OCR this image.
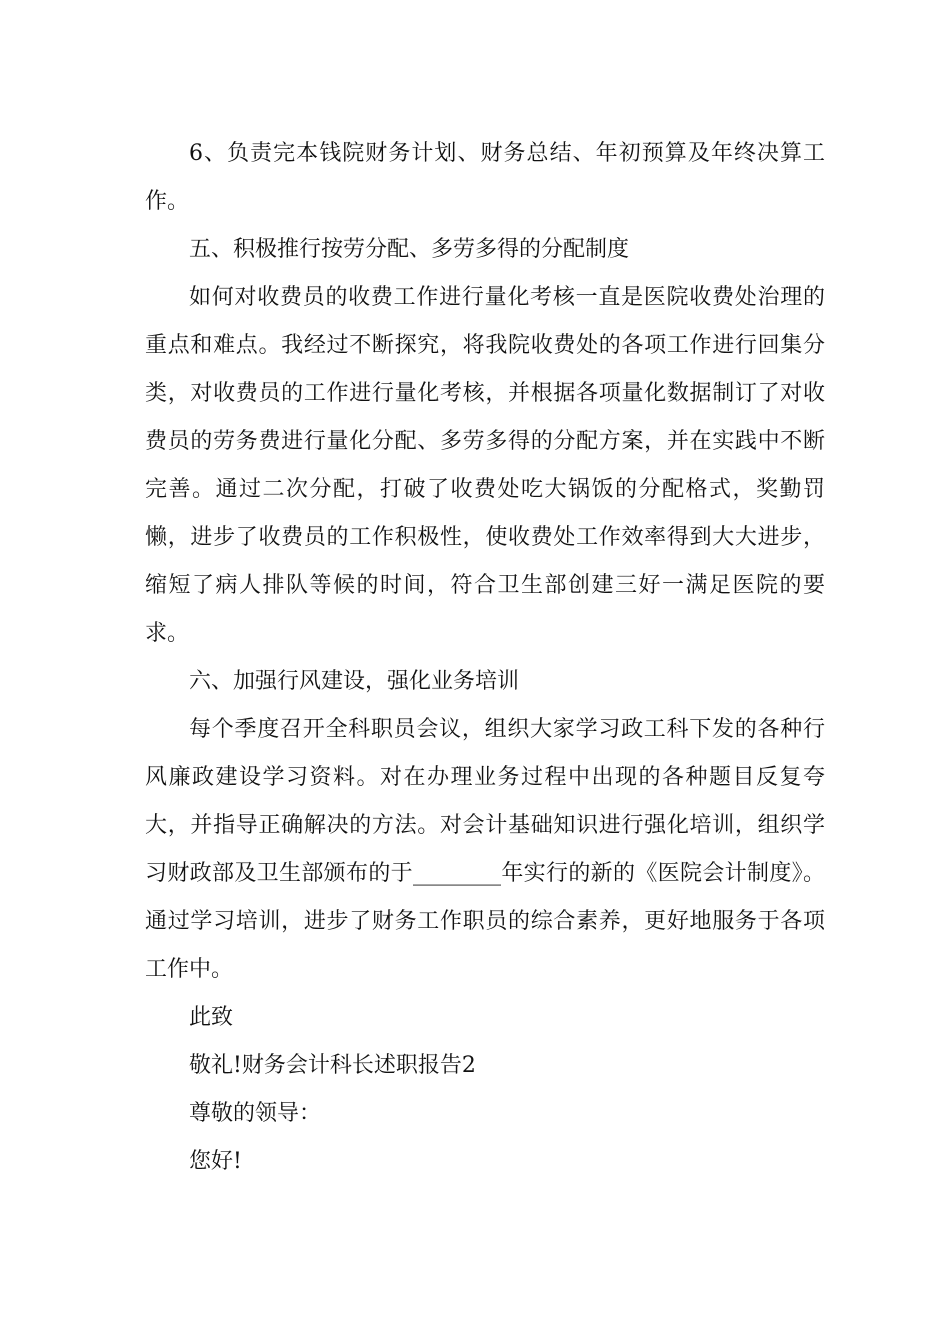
6、负责完本钱院财务计划、财务总结、年初预算及年终决算工作。

五、积极推行按劳分配、多劳多得的分配制度

如何对收费员的收费工作进行量化考核一直是医院收费处治理的重点和难点。我经过不断探究，将我院收费处的各项工作进行回集分类，对收费员的工作进行量化考核，并根据各项量化数据制订了对收费员的劳务费进行量化分配、多劳多得的分配方案，并在实践中不断完善。通过二次分配，打破了收费处吃大锅饭的分配格式，奖勤罚懒，进步了收费员的工作积极性，使收费处工作效率得到大大进步，缩短了病人排队等候的时间，符合卫生部创建三好一满足医院的要求。

六、加强行风建设，强化业务培训

每个季度召开全科职员会议，组织大家学习政工科下发的各种行风廉政建设学习资料。对在办理业务过程中出现的各种题目反复夸大，并指导正确解决的方法。对会计基础知识进行强化培训，组织学习财政部及卫生部颁布的于________年实行的新的《医院会计制度》。通过学习培训，进步了财务工作职员的综合素养，更好地服务于各项工作中。

此致

敬礼!财务会计科长述职报告2

尊敬的领导：

您好!
